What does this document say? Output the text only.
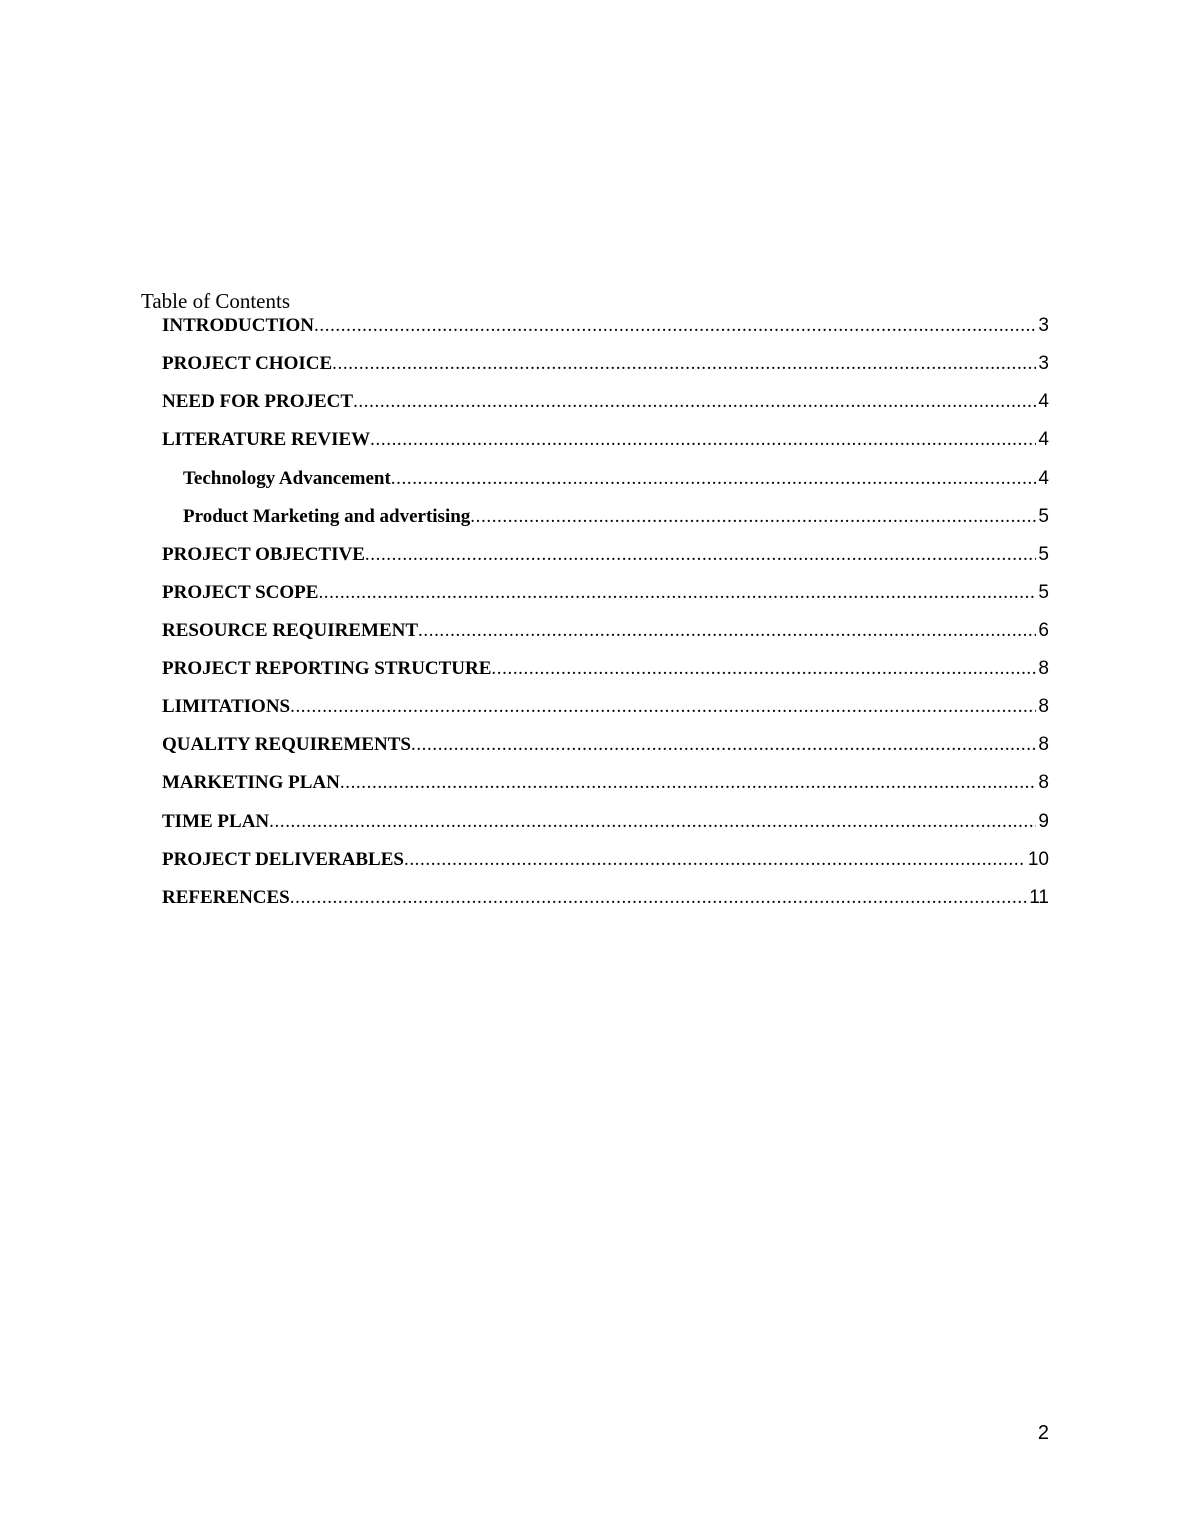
Table of Contents
INTRODUCTION .....	3
PROJECT CHOICE .....	3
NEED FOR PROJECT .....	4
LITERATURE REVIEW .....	4
Technology Advancement .....	4
Product Marketing and advertising .....	5
PROJECT OBJECTIVE .....	5
PROJECT SCOPE .....	5
RESOURCE REQUIREMENT .....	6
PROJECT REPORTING STRUCTURE .....	8
LIMITATIONS .....	8
QUALITY REQUIREMENTS .....	8
MARKETING PLAN .....	8
TIME PLAN .....	9
PROJECT DELIVERABLES .....	10
REFERENCES .....	11
2
